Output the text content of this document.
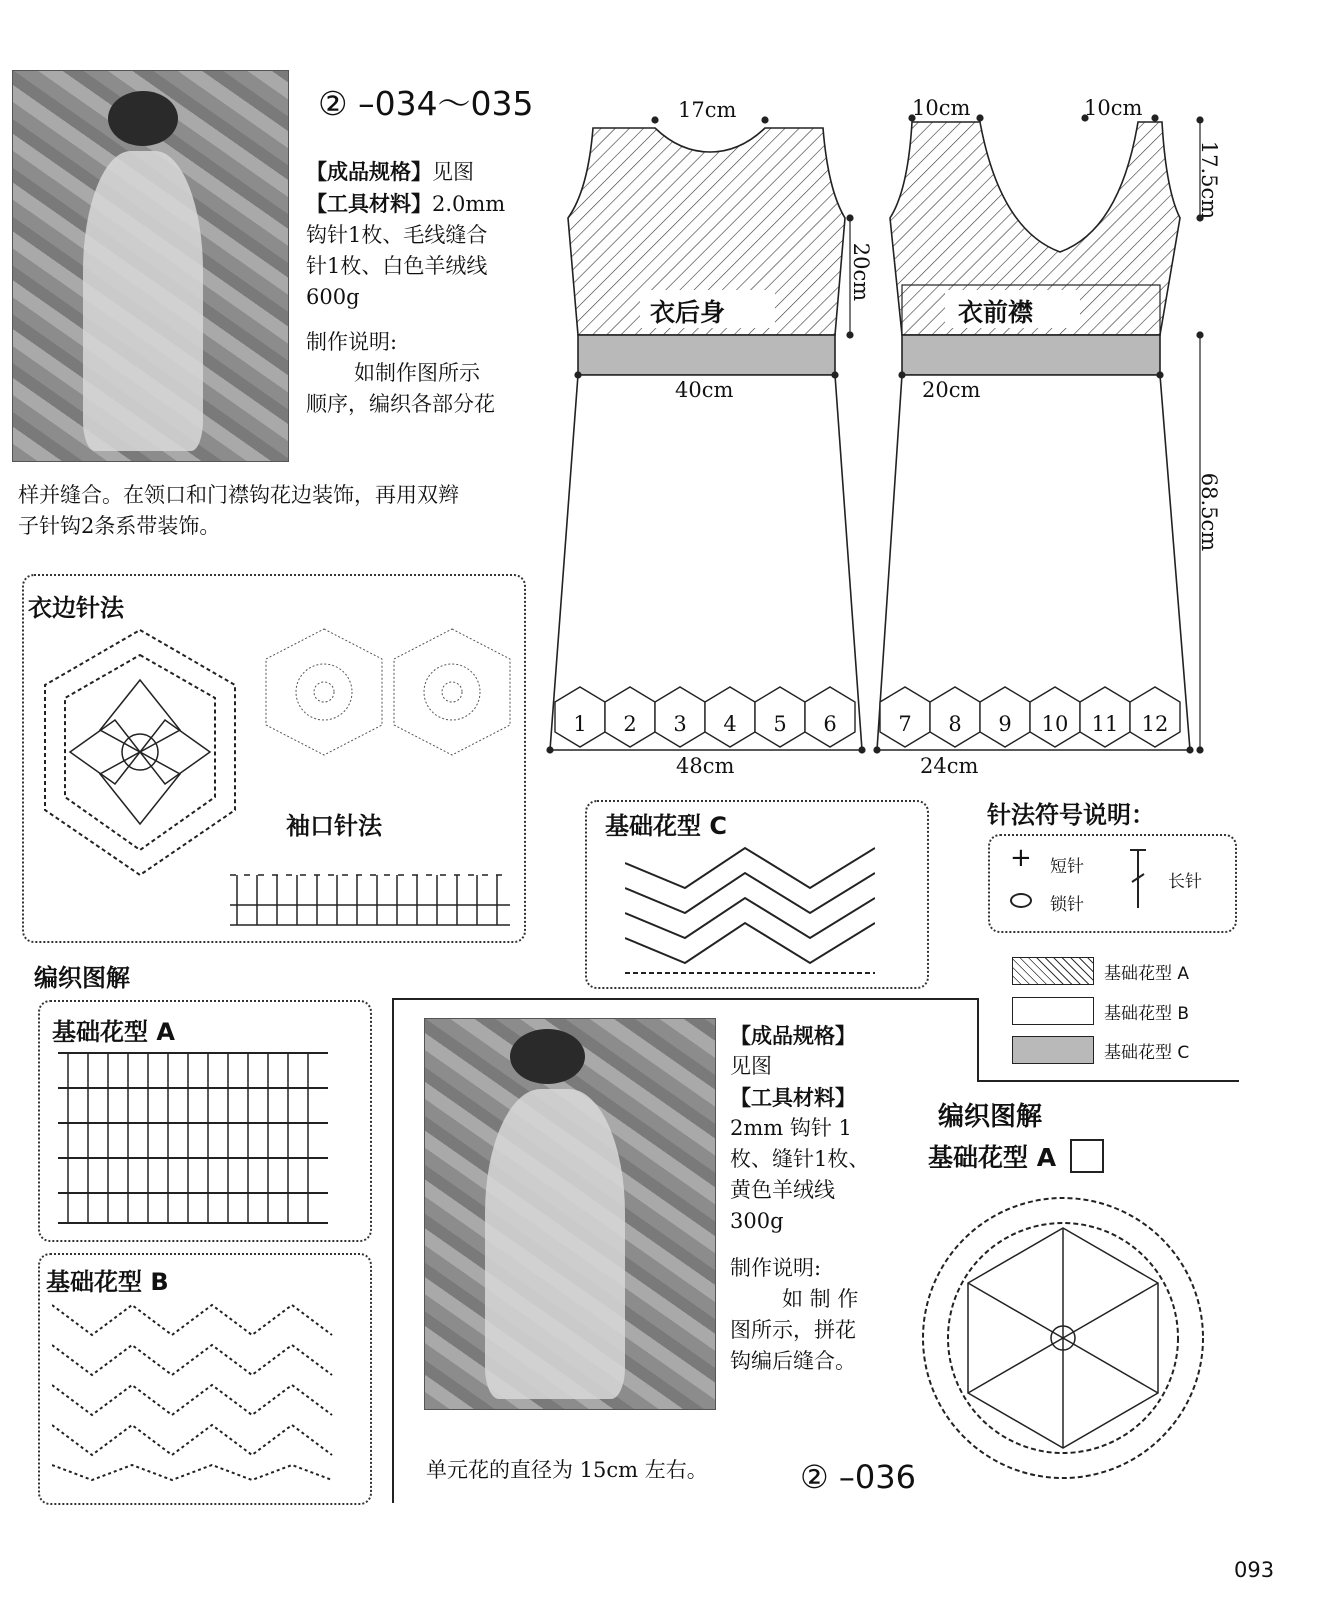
② –034～035
【成品规格】见图
【工具材料】2.0mm
钩针1枚、毛线缝合
针1枚、白色羊绒线
600g
制作说明:
如制作图所示
顺序，编织各部分花
样并缝合。在领口和门襟钩花边装饰，再用双辫
子针钩2条系带装饰。
17cm	10cm	10cm
17.5cm
20cm
68.5cm
衣后身	衣前襟
40cm	20cm
48cm	24cm
1	2	3	4	5	6	7	8	9	10	11	12
衣边针法
袖口针法	基础花型 C	针法符号说明：
+ 短针
锁针
长针
基础花型 A
基础花型 B
基础花型 C
编织图解
基础花型 A
基础花型 B
【成品规格】
见图
【工具材料】
2mm 钩针 1
枚、缝针1枚、
黄色羊绒线
300g
制作说明:
如 制 作
图所示，拼花
钩编后缝合。
单元花的直径为 15cm 左右。	② –036
编织图解
基础花型 A
093
